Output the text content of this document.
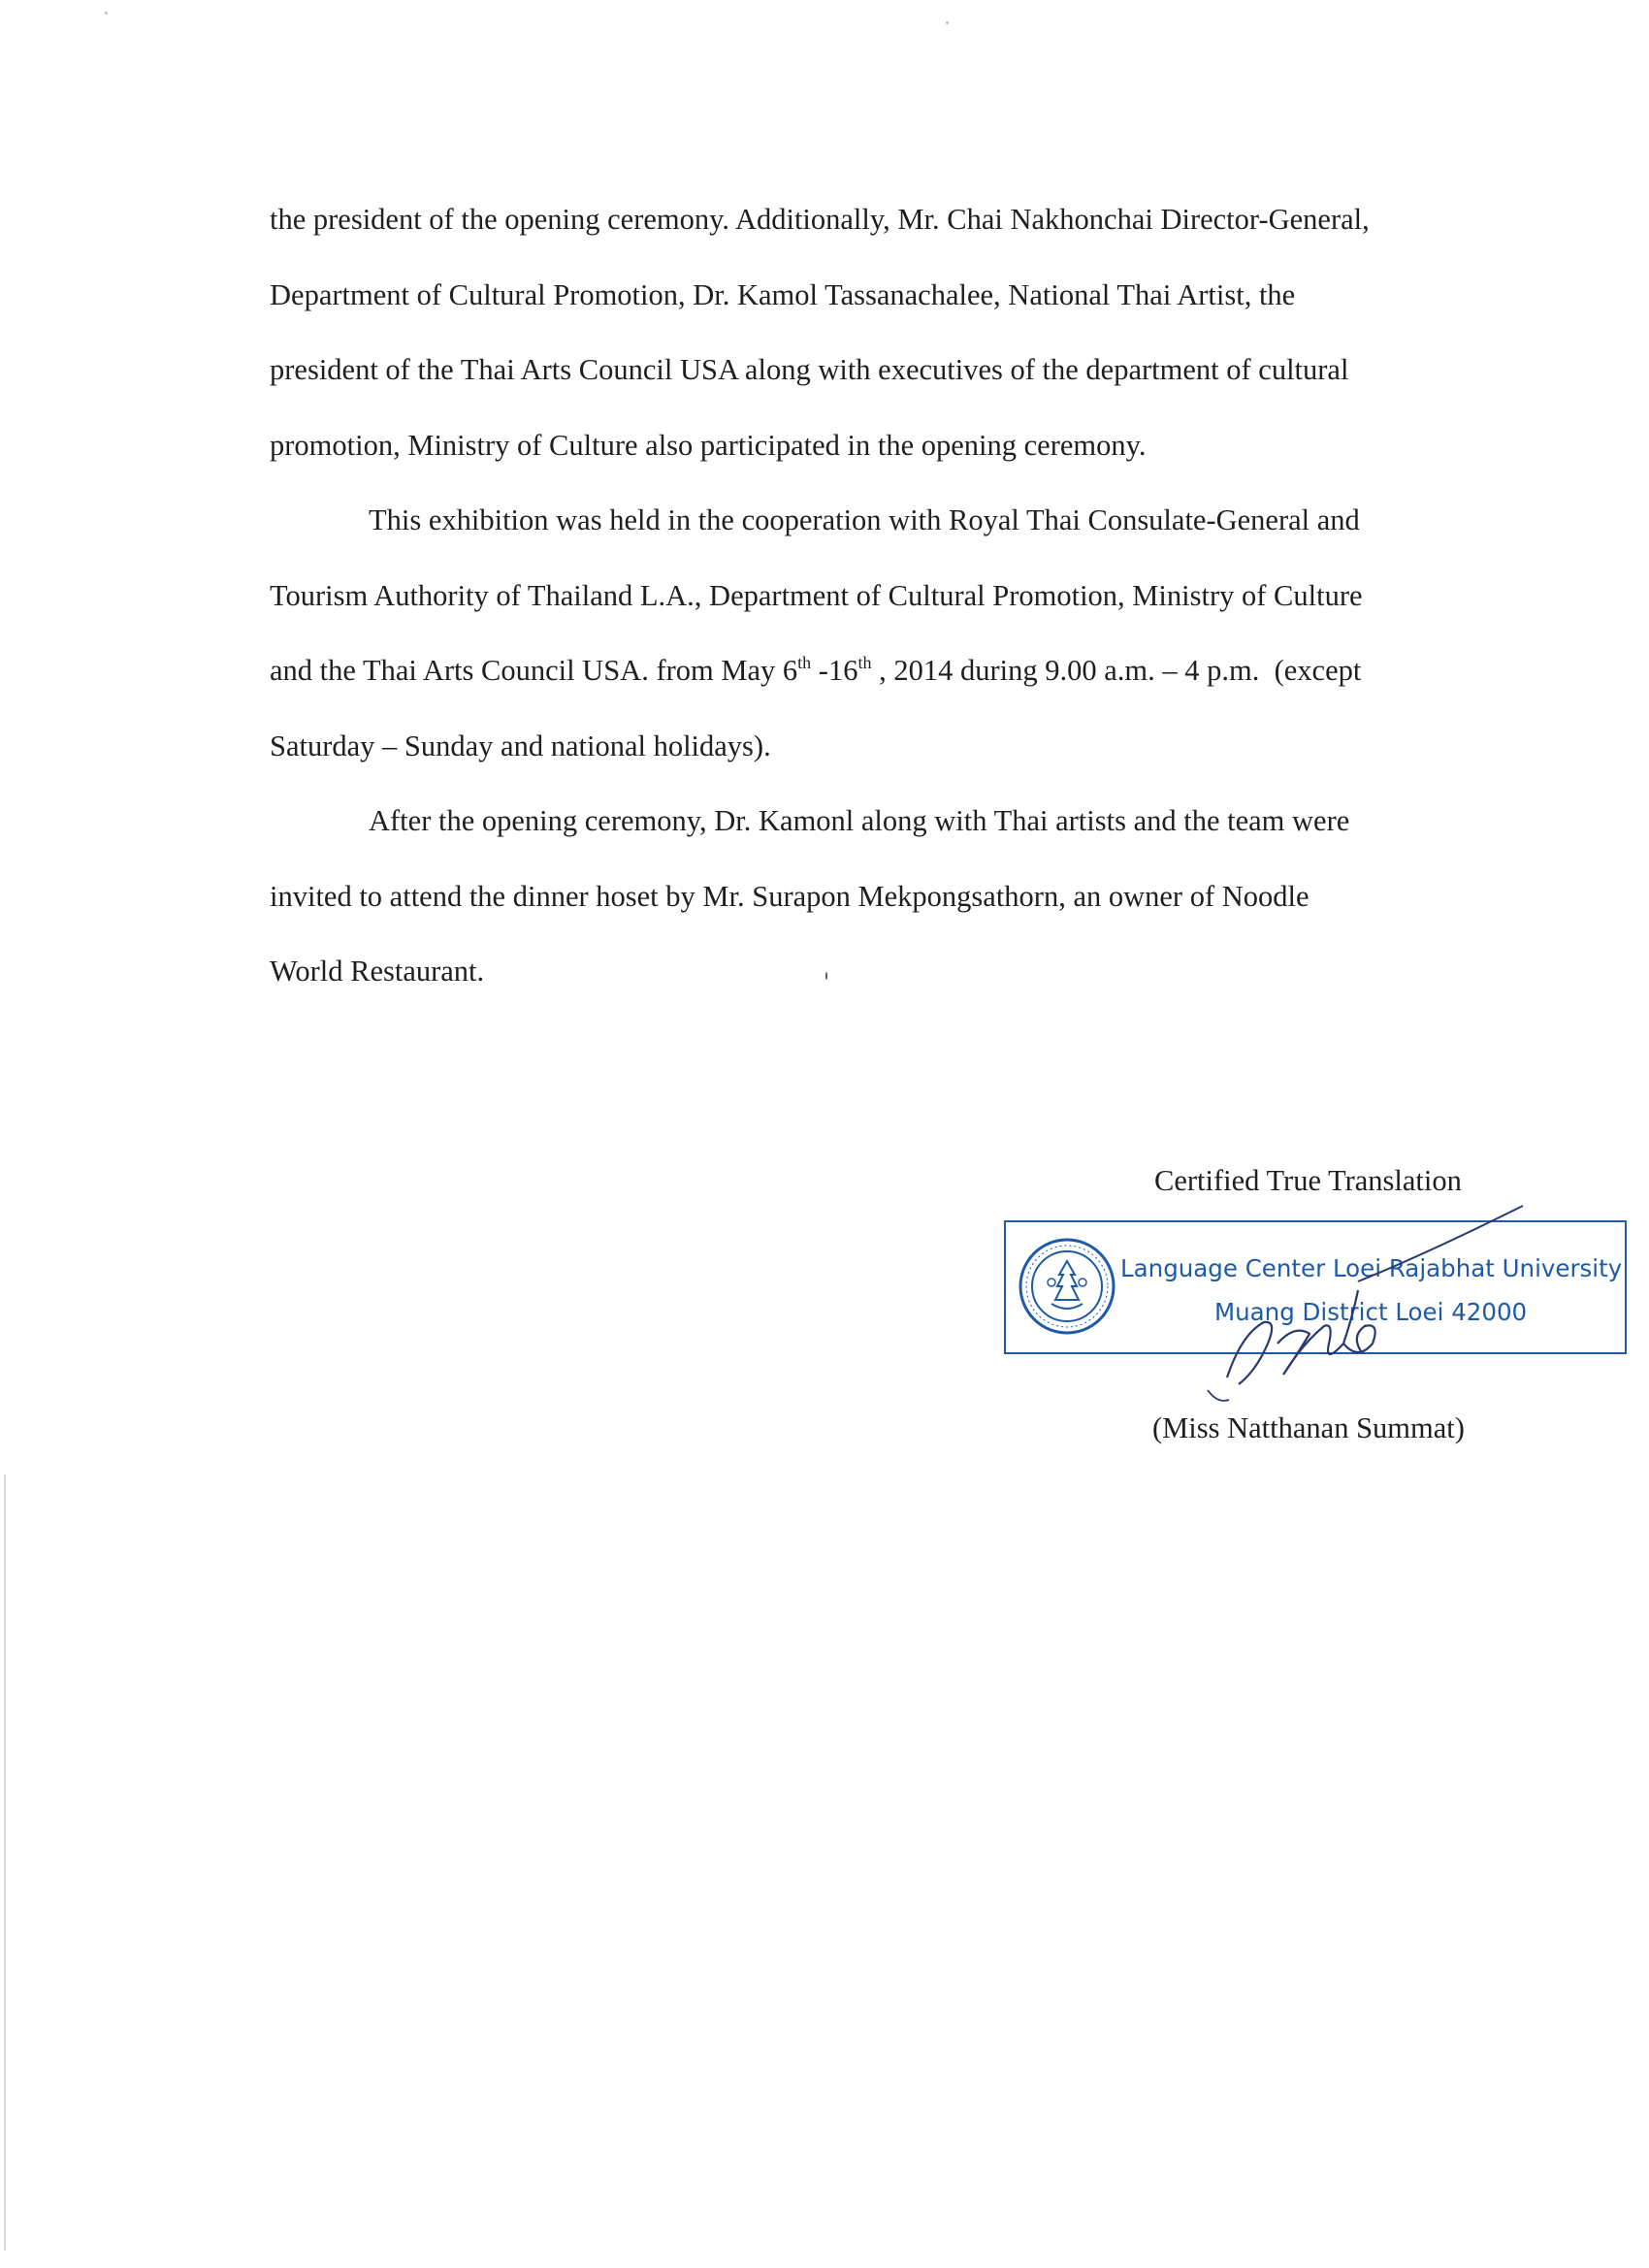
the president of the opening ceremony. Additionally, Mr. Chai Nakhonchai Director-General,
Department of Cultural Promotion, Dr. Kamol Tassanachalee, National Thai Artist, the
president of the Thai Arts Council USA along with executives of the department of cultural
promotion, Ministry of Culture also participated in the opening ceremony.

This exhibition was held in the cooperation with Royal Thai Consulate-General and
Tourism Authority of Thailand L.A., Department of Cultural Promotion, Ministry of Culture
and the Thai Arts Council USA. from May 6th -16th , 2014 during 9.00 a.m. – 4 p.m.  (except
Saturday – Sunday and national holidays).

After the opening ceremony, Dr. Kamonl along with Thai artists and the team were
invited to attend the dinner hoset by Mr. Surapon Mekpongsathorn, an owner of Noodle
World Restaurant.

Certified True Translation
Language Center Loei Rajabhat University
Muang District Loei 42000
(Miss Natthanan Summat)
